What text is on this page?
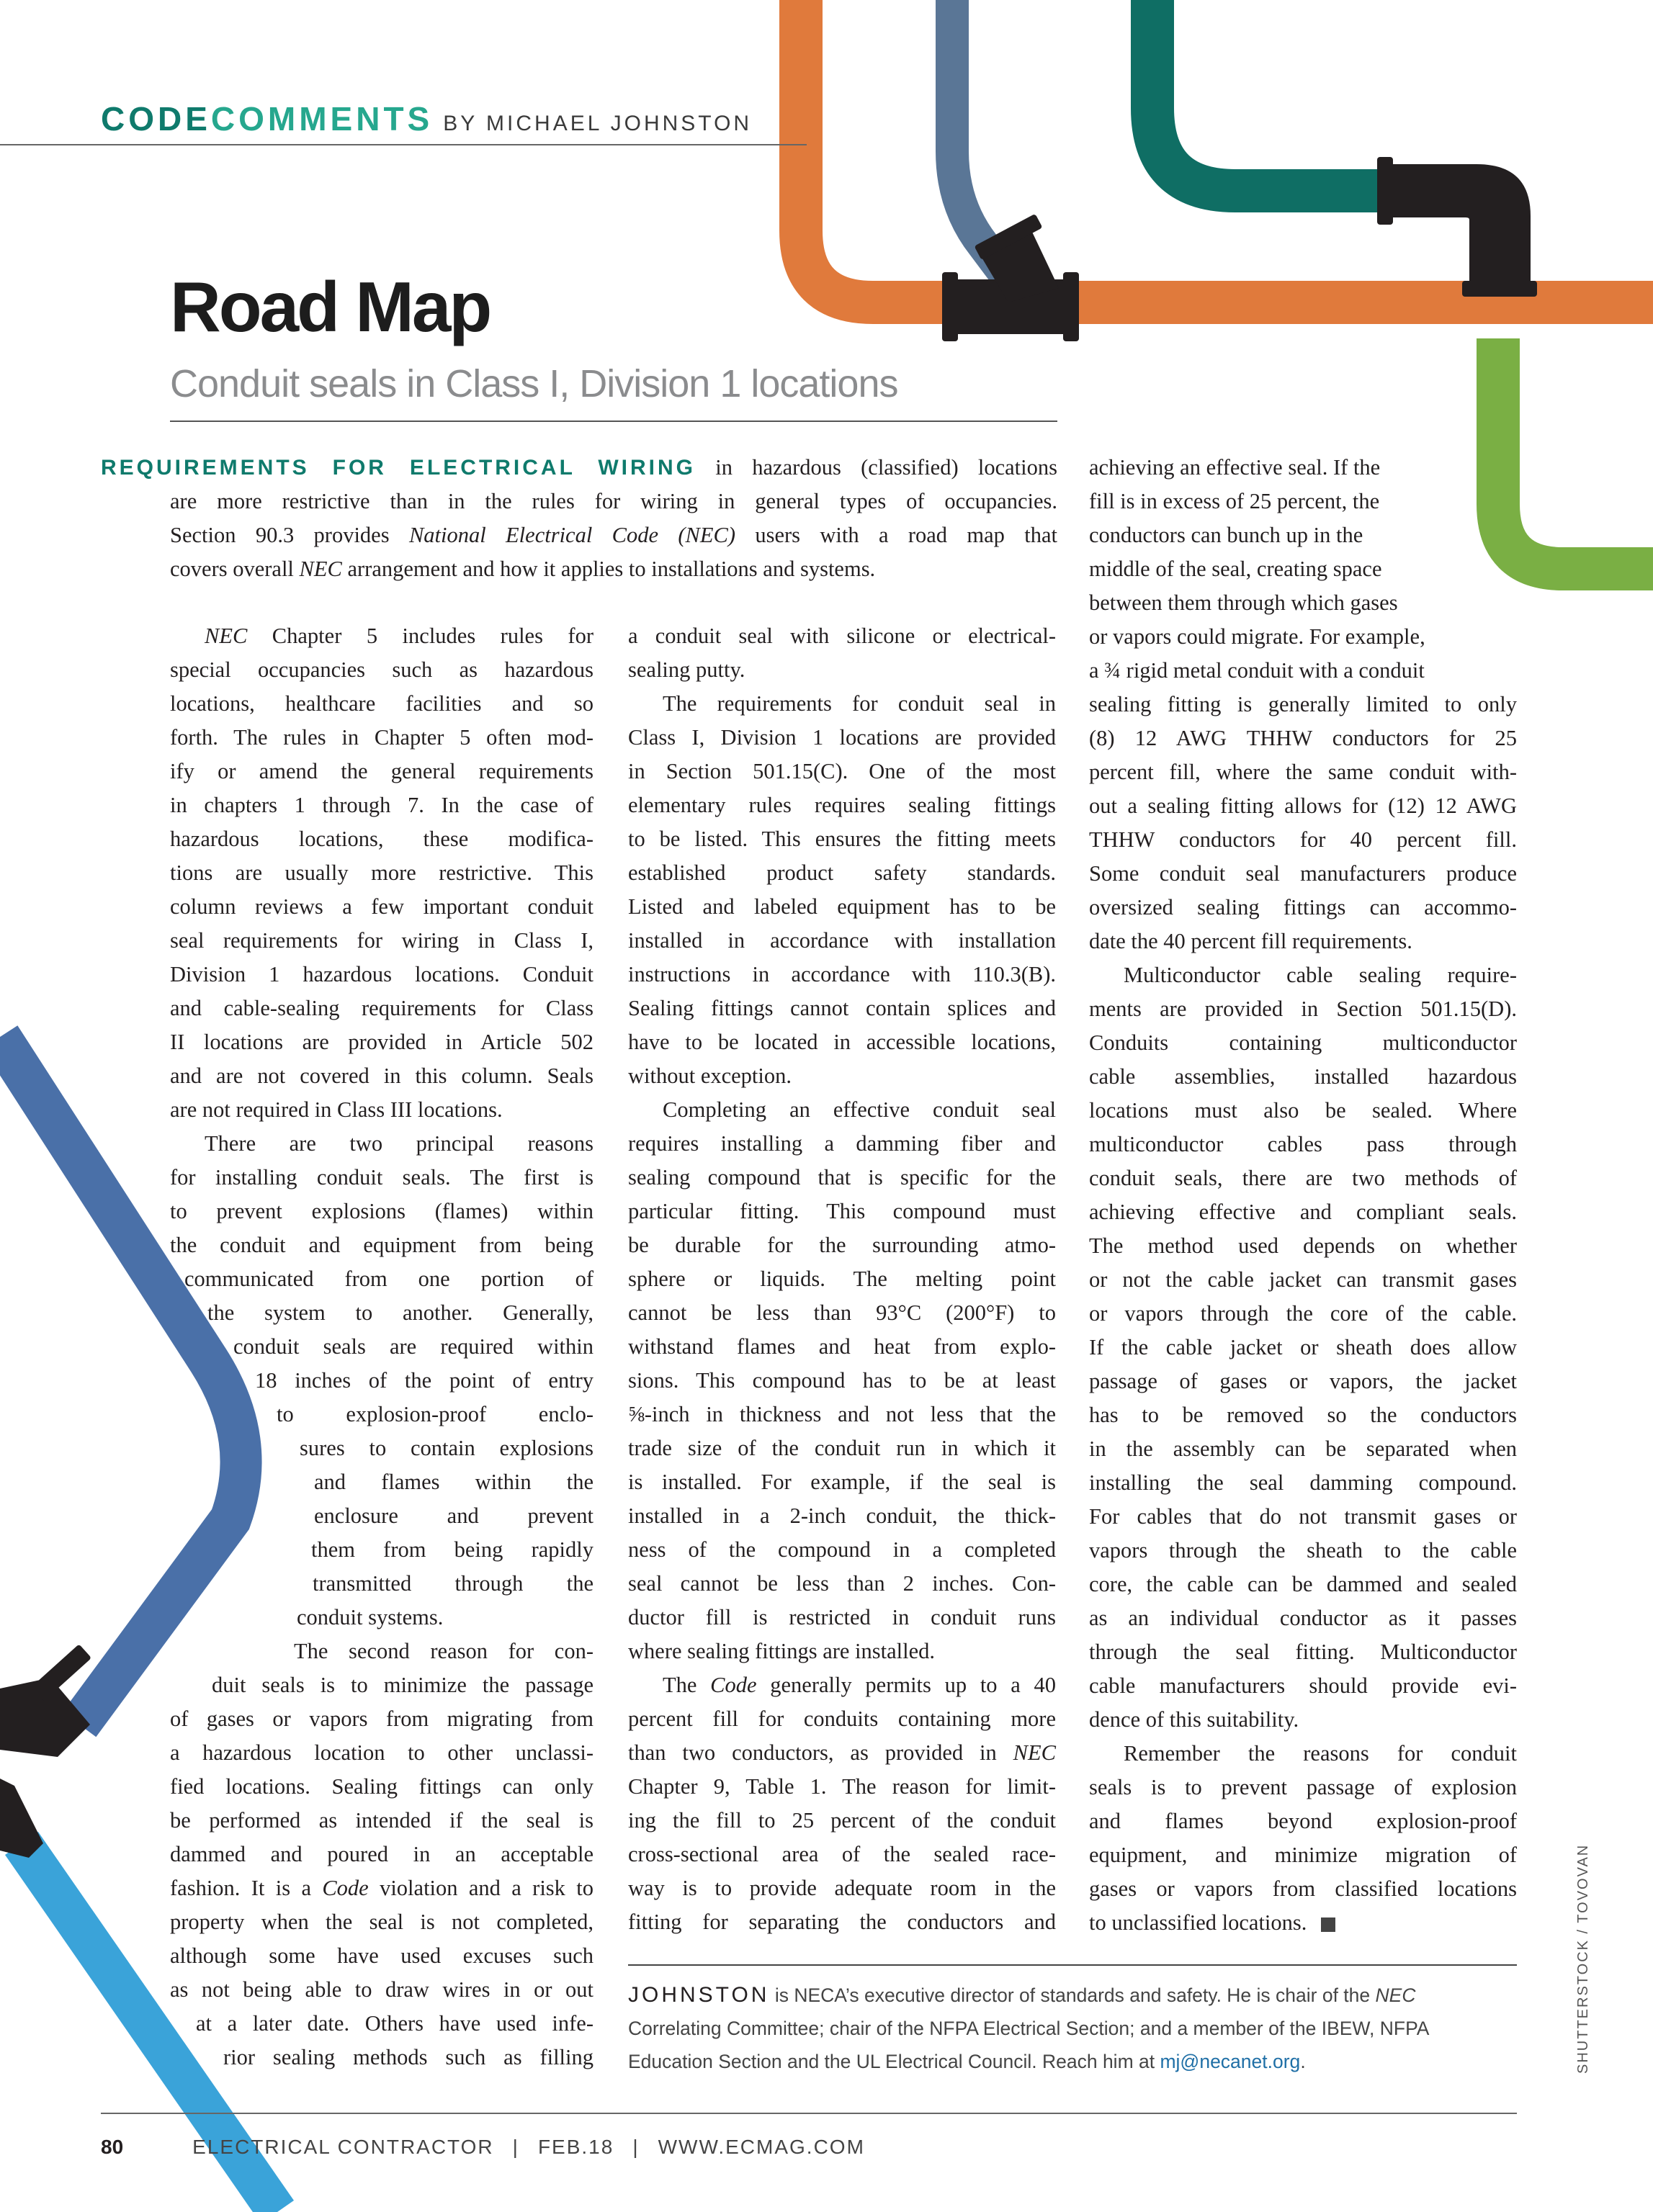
CODECOMMENTS BY MICHAEL JOHNSTON
Road Map
Conduit seals in Class I, Division 1 locations

REQUIREMENTS FOR ELECTRICAL WIRING in hazardous (classified) locations

are more restrictive than in the rules for wiring in general types of occupancies.

Section 90.3 provides National Electrical Code (NEC) users with a road map that

covers overall NEC arrangement and how it applies to installations and systems.

NEC Chapter 5 includes rules for

special occupancies such as hazardous

locations, healthcare facilities and so

forth. The rules in Chapter 5 often mod-

ify or amend the general requirements

in chapters 1 through 7. In the case of

hazardous locations, these modifica-

tions are usually more restrictive. This

column reviews a few important conduit

seal requirements for wiring in Class I,

Division 1 hazardous locations. Conduit

and cable-sealing requirements for Class

II locations are provided in Article 502

and are not covered in this column. Seals

are not required in Class III locations.

There are two principal reasons

for installing conduit seals. The first is

to prevent explosions (flames) within

the conduit and equipment from being

communicated from one portion of

the system to another. Generally,

conduit seals are required within

18 inches of the point of entry

to explosion-proof enclo-

sures to contain explosions

and flames within the

enclosure and prevent

them from being rapidly

transmitted through the

conduit systems.

The second reason for con-

duit seals is to minimize the passage

of gases or vapors from migrating from

a hazardous location to other unclassi-

fied locations. Sealing fittings can only

be performed as intended if the seal is

dammed and poured in an acceptable

fashion. It is a Code violation and a risk to

property when the seal is not completed,

although some have used excuses such

as not being able to draw wires in or out

at a later date. Others have used infe-

rior sealing methods such as filling

a conduit seal with silicone or electrical-

sealing putty.

The requirements for conduit seal in

Class I, Division 1 locations are provided

in Section 501.15(C). One of the most

elementary rules requires sealing fittings

to be listed. This ensures the fitting meets

established product safety standards.

Listed and labeled equipment has to be

installed in accordance with installation

instructions in accordance with 110.3(B).

Sealing fittings cannot contain splices and

have to be located in accessible locations,

without exception.

Completing an effective conduit seal

requires installing a damming fiber and

sealing compound that is specific for the

particular fitting. This compound must

be durable for the surrounding atmo-

sphere or liquids. The melting point

cannot be less than 93°C (200°F) to

withstand flames and heat from explo-

sions. This compound has to be at least

⅝-inch in thickness and not less that the

trade size of the conduit run in which it

is installed. For example, if the seal is

installed in a 2-inch conduit, the thick-

ness of the compound in a completed

seal cannot be less than 2 inches. Con-

ductor fill is restricted in conduit runs

where sealing fittings are installed.

The Code generally permits up to a 40

percent fill for conduits containing more

than two conductors, as provided in NEC

Chapter 9, Table 1. The reason for limit-

ing the fill to 25 percent of the conduit

cross-sectional area of the sealed race-

way is to provide adequate room in the

fitting for separating the conductors and

achieving an effective seal. If the

fill is in excess of 25 percent, the

conductors can bunch up in the

middle of the seal, creating space

between them through which gases

or vapors could migrate. For example,

a ¾ rigid metal conduit with a conduit

sealing fitting is generally limited to only

(8) 12 AWG THHW conductors for 25

percent fill, where the same conduit with-

out a sealing fitting allows for (12) 12 AWG

THHW conductors for 40 percent fill.

Some conduit seal manufacturers produce

oversized sealing fittings can accommo-

date the 40 percent fill requirements.

Multiconductor cable sealing require-

ments are provided in Section 501.15(D).

Conduits containing multiconductor

cable assemblies, installed hazardous

locations must also be sealed. Where

multiconductor cables pass through

conduit seals, there are two methods of

achieving effective and compliant seals.

The method used depends on whether

or not the cable jacket can transmit gases

or vapors through the core of the cable.

If the cable jacket or sheath does allow

passage of gases or vapors, the jacket

has to be removed so the conductors

in the assembly can be separated when

installing the seal damming compound.

For cables that do not transmit gases or

vapors through the sheath to the cable

core, the cable can be dammed and sealed

as an individual conductor as it passes

through the seal fitting. Multiconductor

cable manufacturers should provide evi-

dence of this suitability.

Remember the reasons for conduit

seals is to prevent passage of explosion

and flames beyond explosion-proof

equipment, and minimize migration of

gases or vapors from classified locations

to unclassified locations.

JOHNSTON is NECA’s executive director of standards and safety. He is chair of the NEC
Correlating Committee; chair of the NFPA Electrical Section; and a member of the IBEW, NFPA
Education Section and the UL Electrical Council. Reach him at mj@necanet.org.	SHUTTERSTOCK / TOVOVAN
80	ELECTRICAL CONTRACTOR | FEB.18 | WWW.ECMAG.COM
